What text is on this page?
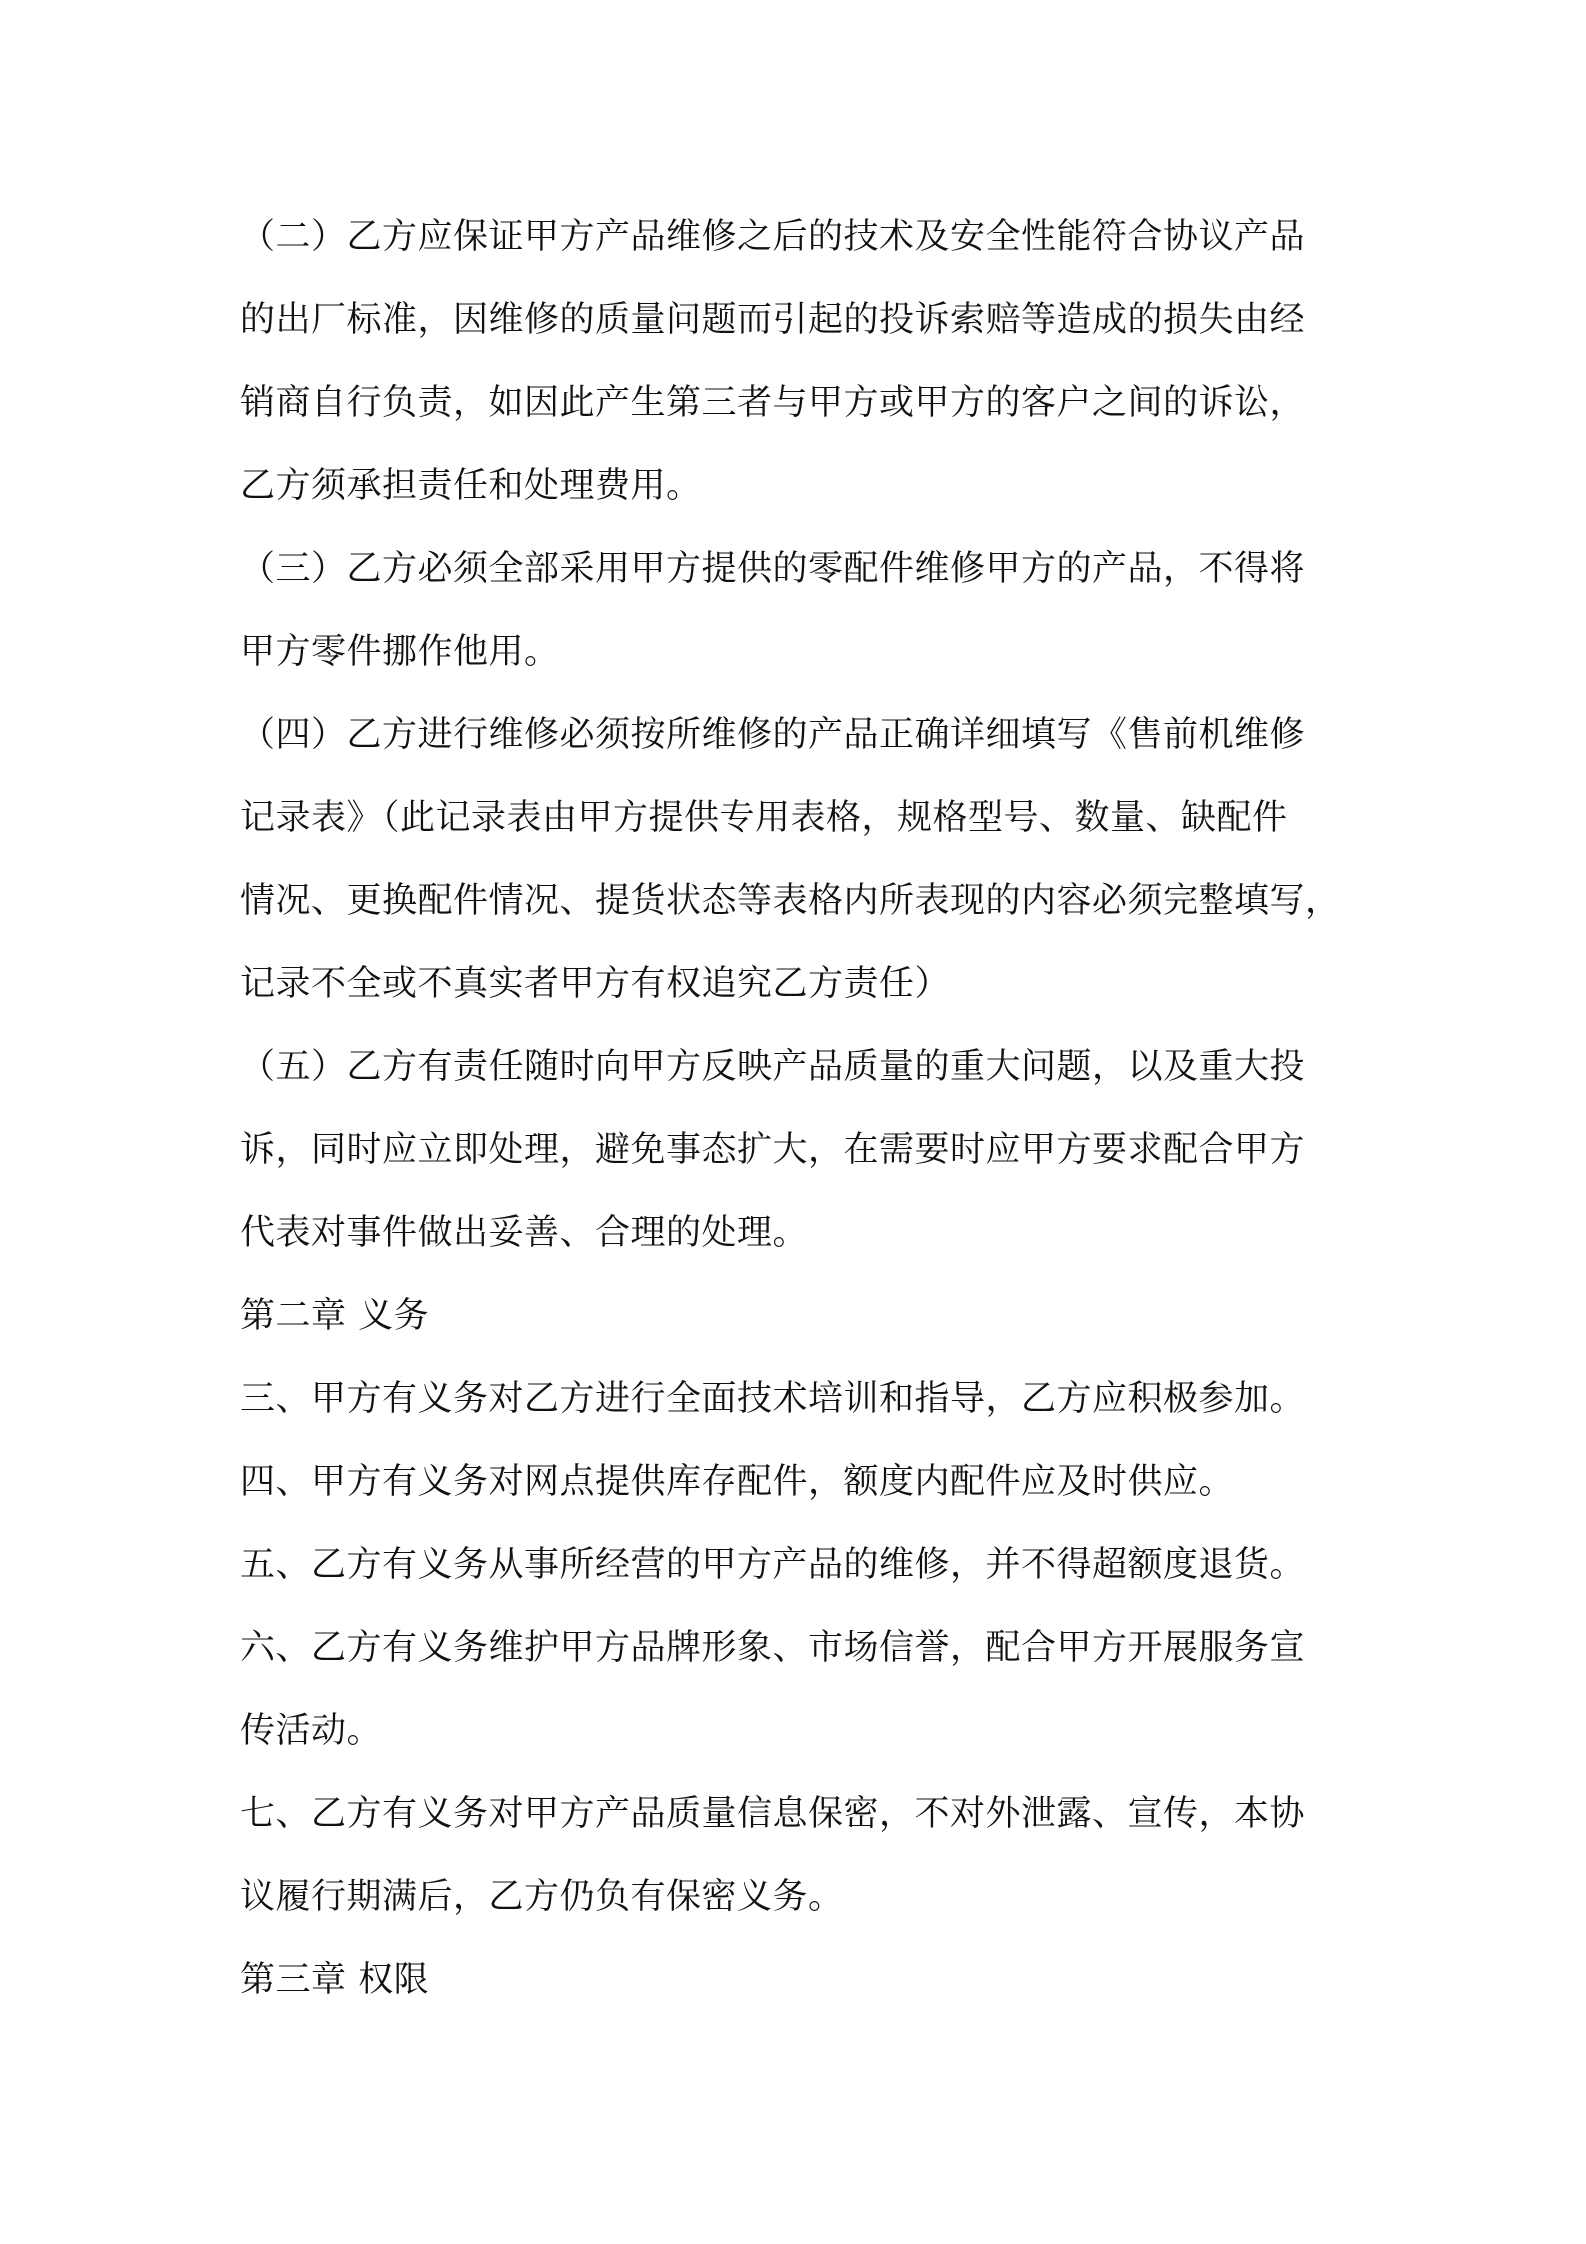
（二）乙方应保证甲方产品维修之后的技术及安全性能符合协议产品
的出厂标准，因维修的质量问题而引起的投诉索赔等造成的损失由经
销商自行负责，如因此产生第三者与甲方或甲方的客户之间的诉讼，
乙方须承担责任和处理费用。
（三）乙方必须全部采用甲方提供的零配件维修甲方的产品，不得将
甲方零件挪作他用。
（四）乙方进行维修必须按所维修的产品正确详细填写《售前机维修
记录表》（此记录表由甲方提供专用表格，规格型号、数量、缺配件
情况、更换配件情况、提货状态等表格内所表现的内容必须完整填写，
记录不全或不真实者甲方有权追究乙方责任）
（五）乙方有责任随时向甲方反映产品质量的重大问题，以及重大投
诉，同时应立即处理，避免事态扩大，在需要时应甲方要求配合甲方
代表对事件做出妥善、合理的处理。
第二章 义务
三、甲方有义务对乙方进行全面技术培训和指导，乙方应积极参加。
四、甲方有义务对网点提供库存配件，额度内配件应及时供应。
五、乙方有义务从事所经营的甲方产品的维修，并不得超额度退货。
六、乙方有义务维护甲方品牌形象、市场信誉，配合甲方开展服务宣
传活动。
七、乙方有义务对甲方产品质量信息保密，不对外泄露、宣传，本协
议履行期满后，乙方仍负有保密义务。
第三章 权限
